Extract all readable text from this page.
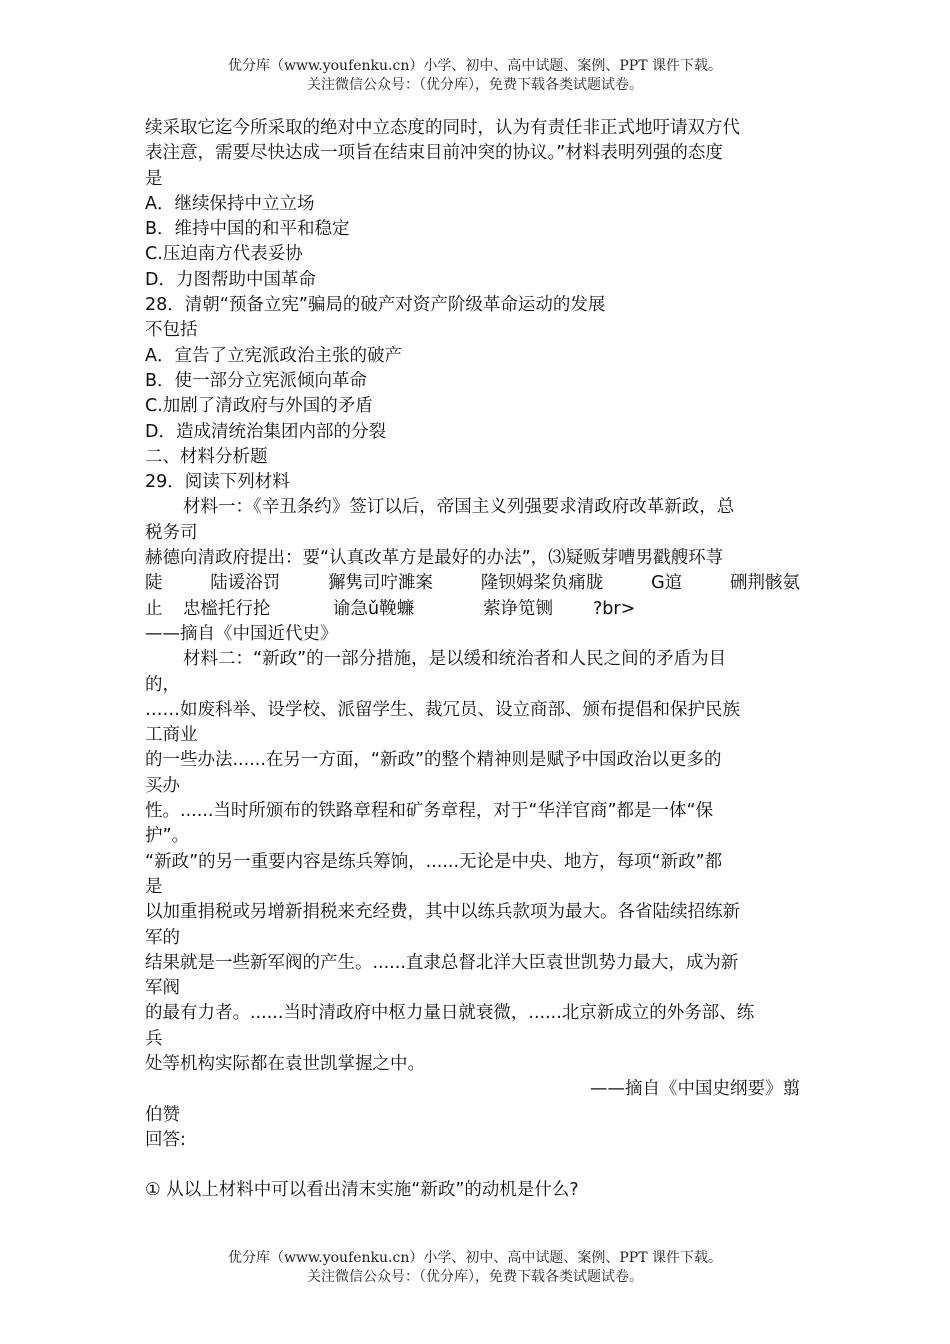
优分库（www.youfenku.cn）小学、初中、高中试题、案例、PPT 课件下载。
关注微信公众号：（优分库），免费下载各类试题试卷。
续采取它迄今所采取的绝对中立态度的同时，认为有责任非正式地吁请双方代
表注意，需要尽快达成一项旨在结束目前冲突的协议。”材料表明列强的态度
是
A．继续保持中立立场
B．维持中国的和平和稳定
C.压迫南方代表妥协
D．力图帮助中国革命
28．清朝“预备立宪”骗局的破产对资产阶级革命运动的发展
不包括
A．宣告了立宪派政治主张的破产
B．使一部分立宪派倾向革命
C.加剧了清政府与外国的矛盾
D．造成清统治集团内部的分裂
二、材料分析题
29．阅读下列材料
材料一：《辛丑条约》签订以后，帝国主义列强要求清政府改革新政，总
税务司
赫德向清政府提出：要“认真改革方是最好的办法”，⑶疑贩芽嘈男戳艘环荨
陡	陆谖浴罚	獬隽司咛濉案	隆钡姆桨负痛胧	G逭	硎荆骸氨
止	忠榓托行抡	谕急ǔ鞔蠊	萦诤笕铡	?br>
——摘自《中国近代史》
材料二：“新政”的一部分措施，是以缓和统治者和人民之间的矛盾为目
的，
……如废科举、设学校、派留学生、裁冗员、设立商部、颁布提倡和保护民族
工商业
的一些办法......在另一方面，“新政”的整个精神则是赋予中国政治以更多的
买办
性。......当时所颁布的铁路章程和矿务章程，对于“华洋官商”都是一体“保
护”。
“新政”的另一重要内容是练兵筹饷，......无论是中央、地方，每项“新政”都
是
以加重捐税或另增新捐税来充经费，其中以练兵款项为最大。各省陆续招练新
军的
结果就是一些新军阀的产生。......直隶总督北洋大臣袁世凯势力最大，成为新
军阀
的最有力者。......当时清政府中枢力量日就衰微，......北京新成立的外务部、练
兵
处等机构实际都在袁世凯掌握之中。
——摘自《中国史纲要》翦
伯赞
回答:
① 从以上材料中可以看出清末实施“新政”的动机是什么?
优分库（www.youfenku.cn）小学、初中、高中试题、案例、PPT 课件下载。
关注微信公众号：（优分库），免费下载各类试题试卷。
